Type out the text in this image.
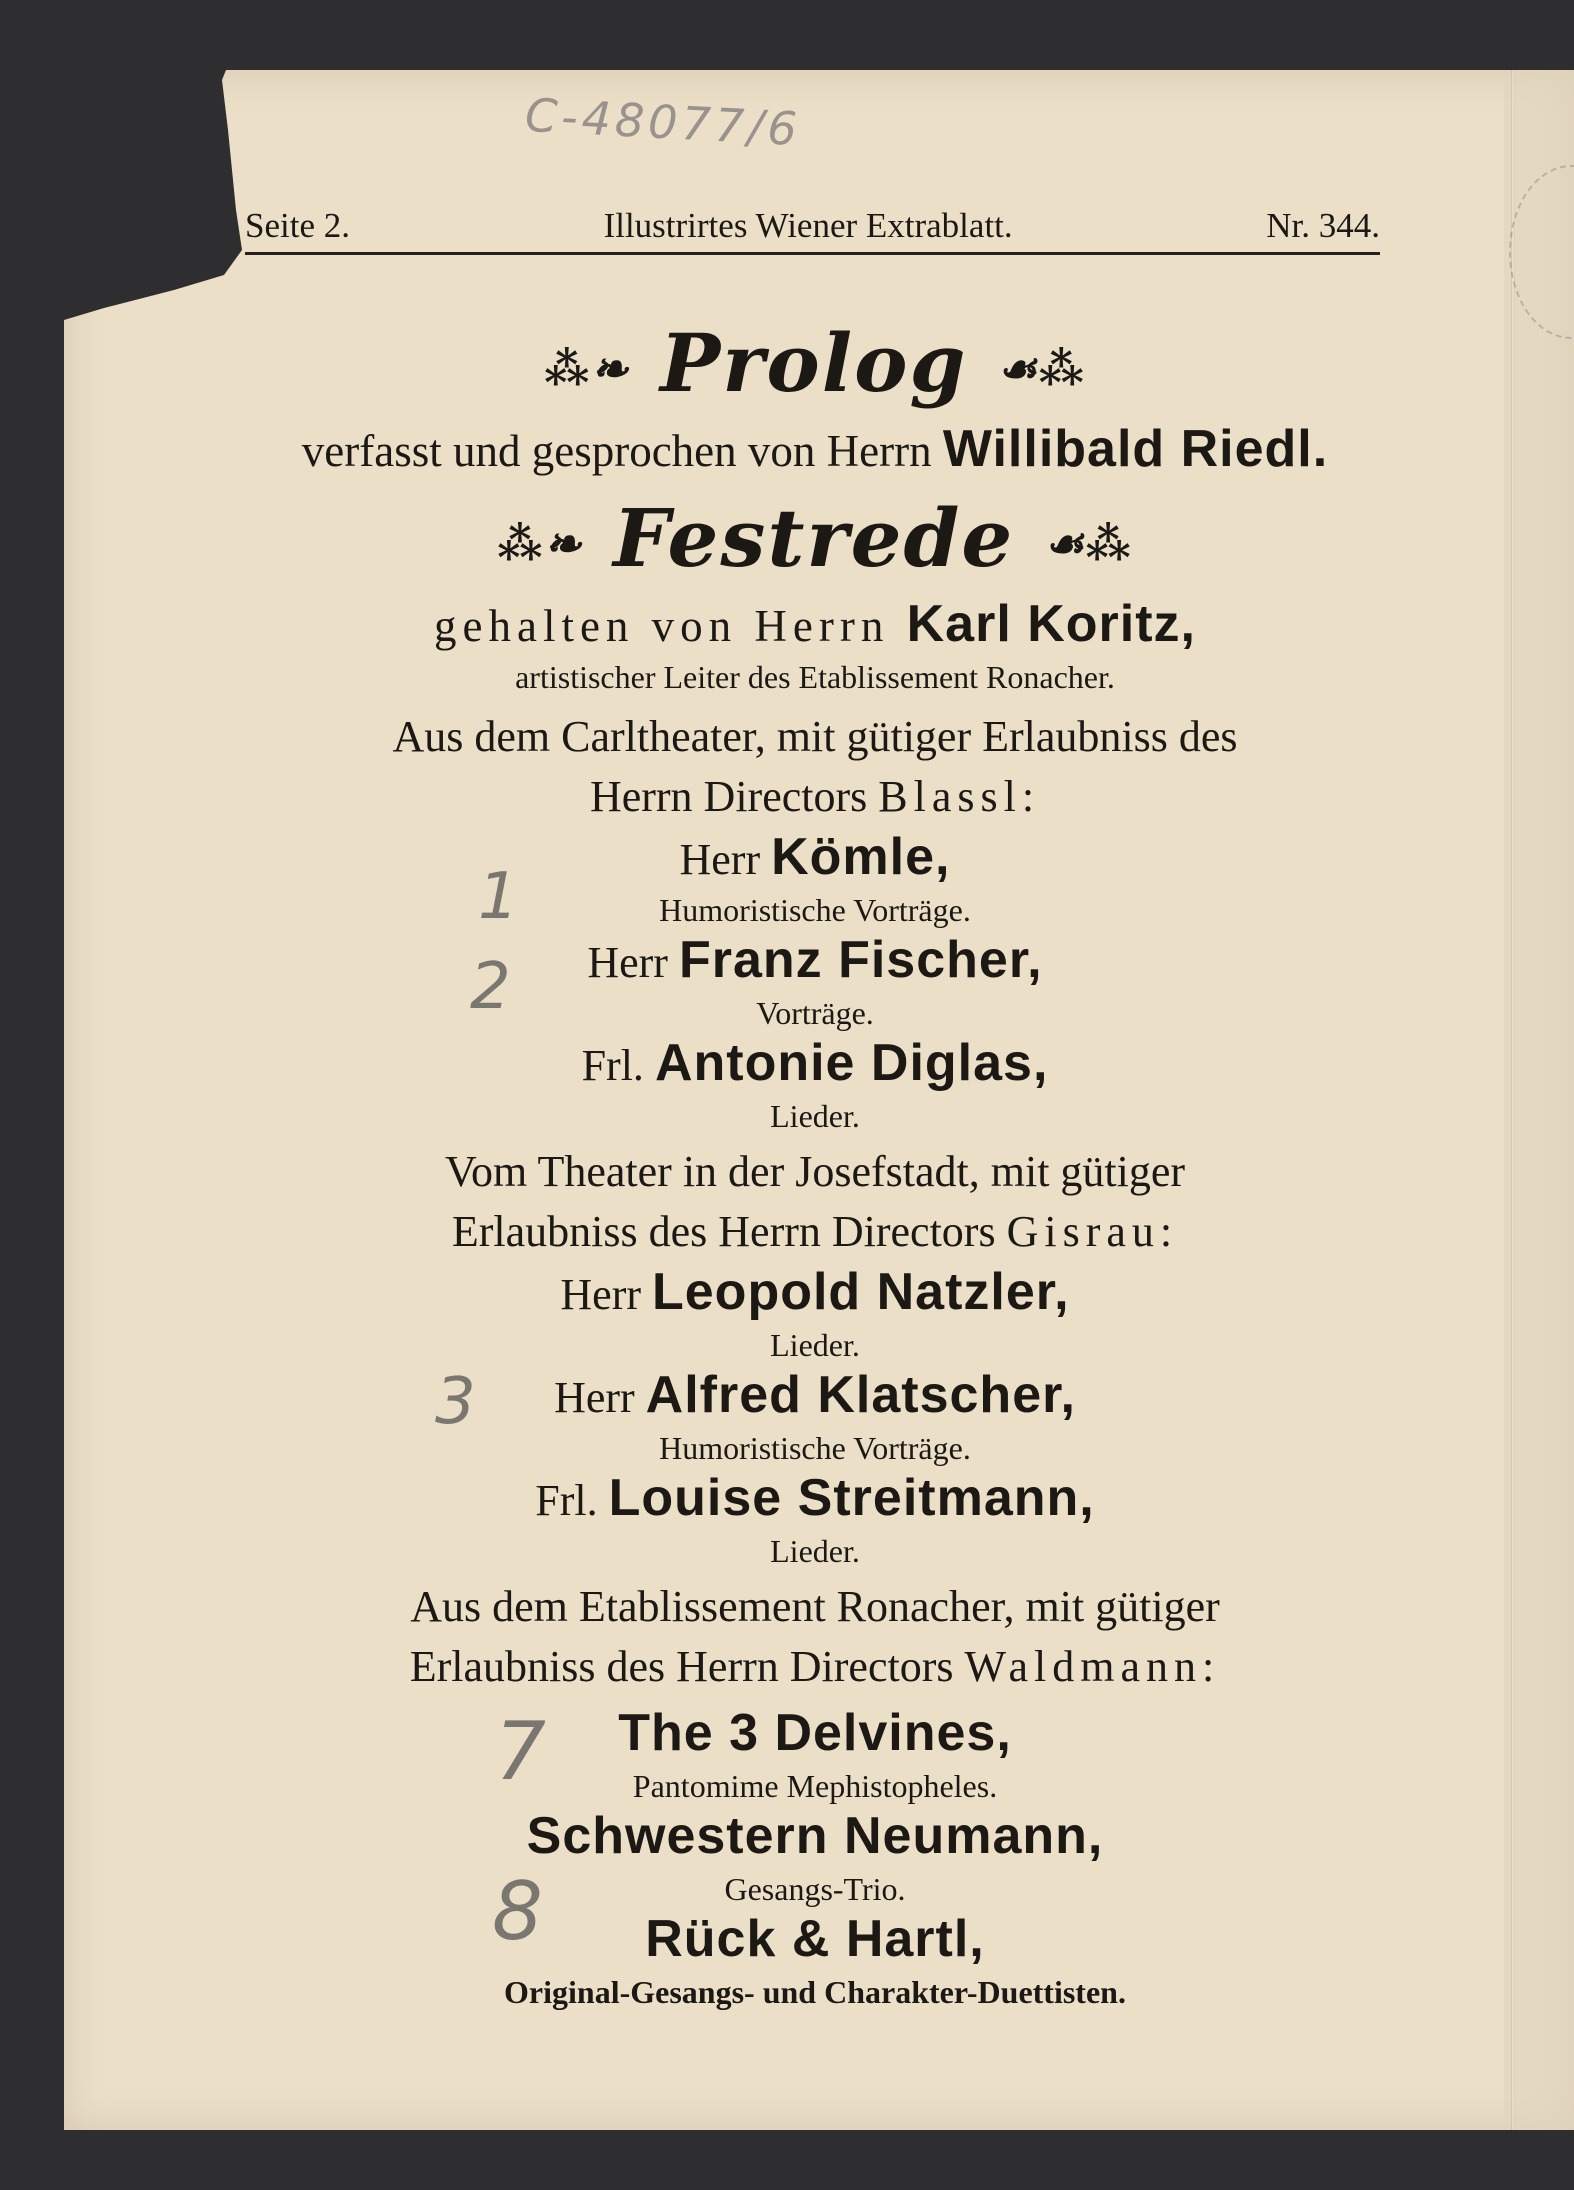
C-48077/6
Seite 2.	Illustrirtes Wiener Extrablatt.	Nr. 344.
1
2
3
7
8
⁂❧ Prolog ☙⁂
verfasst und gesprochen von Herrn Willibald Riedl.
⁂❧ Festrede ☙⁂
gehalten von Herrn Karl Koritz,
artistischer Leiter des Etablissement Ronacher.
Aus dem Carltheater, mit gütiger Erlaubniss des
Herrn Directors Blassl:
Herr Kömle,
Humoristische Vorträge.
Herr Franz Fischer,
Vorträge.
Frl. Antonie Diglas,
Lieder.
Vom Theater in der Josefstadt, mit gütiger
Erlaubniss des Herrn Directors Gisrau:
Herr Leopold Natzler,
Lieder.
Herr Alfred Klatscher,
Humoristische Vorträge.
Frl. Louise Streitmann,
Lieder.
Aus dem Etablissement Ronacher, mit gütiger
Erlaubniss des Herrn Directors Waldmann:
The 3 Delvines,
Pantomime Mephistopheles.
Schwestern Neumann,
Gesangs-Trio.
Rück & Hartl,
Original-Gesangs- und Charakter-Duettisten.
